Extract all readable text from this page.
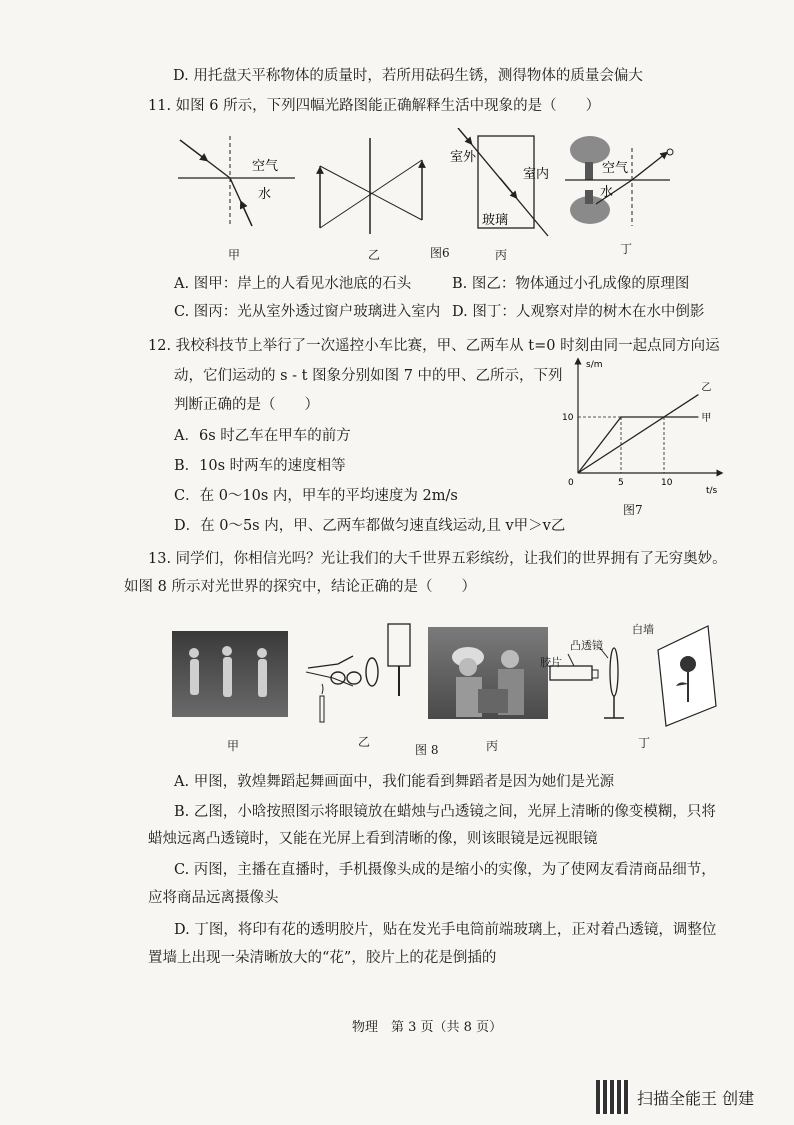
D. 用托盘天平称物体的质量时，若所用砝码生锈，测得物体的质量会偏大
11. 如图 6 所示，下列四幅光路图能正确解释生活中现象的是（　　）
空气
水
室外
室内
玻璃
空气
水
甲	乙	图6	丙	丁
A. 图甲：岸上的人看见水池底的石头	B. 图乙：物体通过小孔成像的原理图
C. 图丙：光从室外透过窗户玻璃进入室内 D. 图丁：人观察对岸的树木在水中倒影
12. 我校科技节上举行了一次遥控小车比赛，甲、乙两车从 t=0 时刻由同一起点同方向运
动，它们运动的 s - t 图象分别如图 7 中的甲、乙所示，下列
判断正确的是（　　）
A．6s 时乙车在甲车的前方
B．10s 时两车的速度相等
C．在 0～10s 内，甲车的平均速度为 2m/s
D．在 0～5s 内，甲、乙两车都做匀速直线运动,且 v甲＞v乙
s/m
t/s
甲
乙
0	5	10
10
图7
13. 同学们，你相信光吗？光让我们的大千世界五彩缤纷，让我们的世界拥有了无穷奥妙。
如图 8 所示对光世界的探究中，结论正确的是（　　）
凸透镜
胶片
白墙
甲	乙
图 8	丙	丁
A. 甲图，敦煌舞蹈起舞画面中，我们能看到舞蹈者是因为她们是光源
B. 乙图，小晗按照图示将眼镜放在蜡烛与凸透镜之间，光屏上清晰的像变模糊，只将
蜡烛远离凸透镜时，又能在光屏上看到清晰的像，则该眼镜是远视眼镜
C. 丙图，主播在直播时，手机摄像头成的是缩小的实像，为了使网友看清商品细节，
应将商品远离摄像头
D. 丁图，将印有花的透明胶片，贴在发光手电筒前端玻璃上，正对着凸透镜，调整位
置墙上出现一朵清晰放大的“花”，胶片上的花是倒插的
物理　第 3 页（共 8 页）
扫描全能王 创建
